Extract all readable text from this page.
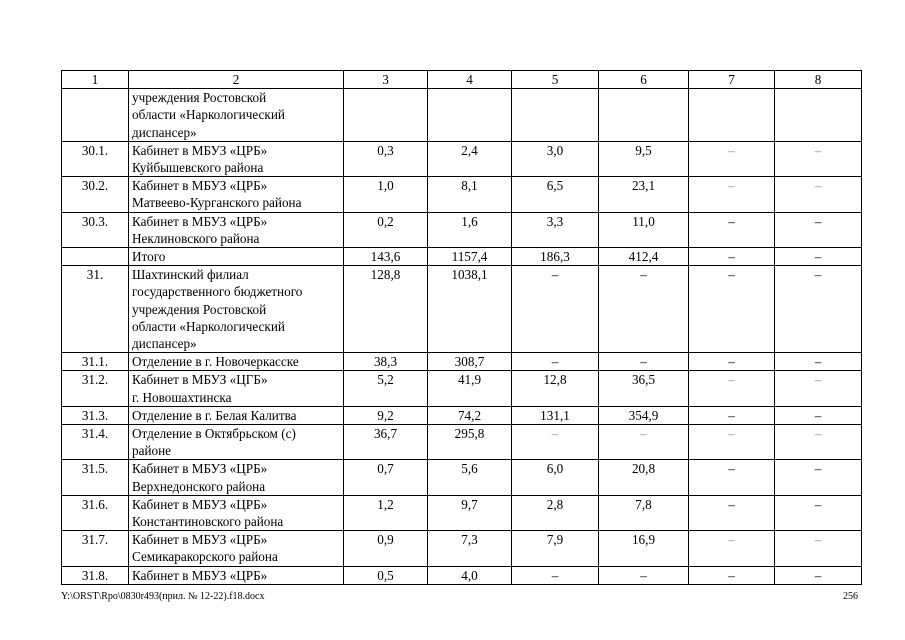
1	2	3	4	5	6	7	8
	учреждения Ростовской
области «Наркологический
диспансер»						
30.1.	Кабинет в МБУЗ «ЦРБ»
Куйбышевского района	0,3	2,4	3,0	9,5	–	–
30.2.	Кабинет в МБУЗ «ЦРБ»
Матвеево-Курганского района	1,0	8,1	6,5	23,1	–	–
30.3.	Кабинет в МБУЗ «ЦРБ»
Неклиновского района	0,2	1,6	3,3	11,0	–	–
	Итого	143,6	1157,4	186,3	412,4	–	–
31.	Шахтинский филиал
государственного бюджетного
учреждения Ростовской
области «Наркологический
диспансер»	128,8	1038,1	–	–	–	–
31.1.	Отделение в г. Новочеркасске	38,3	308,7	–	–	–	–
31.2.	Кабинет в МБУЗ «ЦГБ»
г. Новошахтинска	5,2	41,9	12,8	36,5	–	–
31.3.	Отделение в г. Белая Калитва	9,2	74,2	131,1	354,9	–	–
31.4.	Отделение в Октябрьском (с)
районе	36,7	295,8	–	–	–	–
31.5.	Кабинет в МБУЗ «ЦРБ»
Верхнедонского района	0,7	5,6	6,0	20,8	–	–
31.6.	Кабинет в МБУЗ «ЦРБ»
Константиновского района	1,2	9,7	2,8	7,8	–	–
31.7.	Кабинет в МБУЗ «ЦРБ»
Семикаракорского района	0,9	7,3	7,9	16,9	–	–
31.8.	Кабинет в МБУЗ «ЦРБ»	0,5	4,0	–	–	–	–
Y:\ORST\Rpo\0830r493(прил. № 12-22).f18.docx	256
